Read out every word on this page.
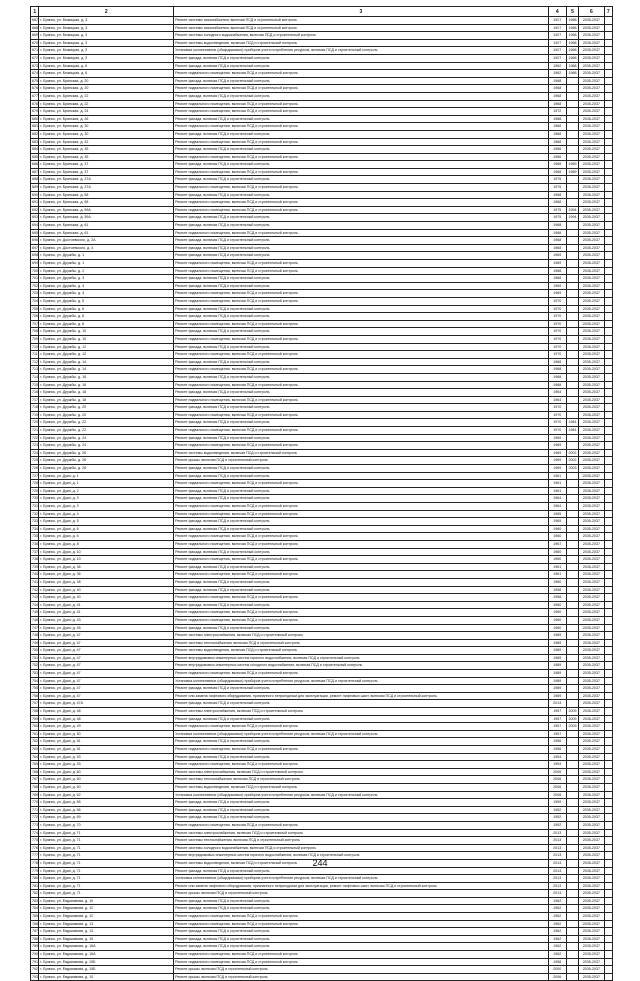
1	2	3	4	5	6	7
667	г. Брянск, ул. Бежицкая, д. 3	Ремонт системы газоснабжения, включая ПСД и строительный контроль	1927	1968	2035-2037	
668	г. Брянск, ул. Бежицкая, д. 3	Ремонт системы газоснабжения, включая ПСД и строительный контроль	1927	1968	2035-2037	
669	г. Брянск, ул. Бежицкая, д. 3	Ремонт системы холодного водоснабжения, включая ПСД и строительный контроль	1927	1968	2035-2037	
670	г. Брянск, ул. Бежицкая, д. 3	Ремонт системы водоотведения, включая ПСД и строительный контроль	1927	1968	2035-2037	
671	г. Брянск, ул. Бежицкая, д. 3	Установка коллективных (общедомовых) приборов учета потребления ресурсов, включая ПСД и строительный контроль	1927	1968	2035-2037	
672	г. Брянск, ул. Бежицкая, д. 3	Ремонт фасада, включая ПСД и строительный контроль	1927	1968	2035-2037	
673	г. Брянск, ул. Бежицкая, д. 6	Ремонт фасада, включая ПСД и строительный контроль	1962	1968	2035-2037	
674	г. Брянск, ул. Бежицкая, д. 6	Ремонт подвального помещения, включая ПСД и строительный контроль	1962	1968	2035-2037	
675	г. Брянск, ул. Брянская, д. 20	Ремонт фасада, включая ПСД и строительный контроль	1968		2035-2037	
676	г. Брянск, ул. Брянская, д. 20	Ремонт подвального помещения, включая ПСД и строительный контроль	1968		2035-2037	
677	г. Брянск, ул. Брянская, д. 22	Ремонт фасада, включая ПСД и строительный контроль	1968		2035-2037	
678	г. Брянск, ул. Брянская, д. 22	Ремонт подвального помещения, включая ПСД и строительный контроль	1968		2035-2037	
679	г. Брянск, ул. Брянская, д. 24	Ремонт подвального помещения, включая ПСД и строительный контроль	1972		2035-2037	
680	г. Брянск, ул. Брянская, д. 26	Ремонт фасада, включая ПСД и строительный контроль	1968		2035-2037	
681	г. Брянск, ул. Брянская, д. 30	Ремонт подвального помещения, включая ПСД и строительный контроль	1968		2035-2037	
682	г. Брянск, ул. Брянская, д. 30	Ремонт фасада, включая ПСД и строительный контроль	1968		2035-2037	
683	г. Брянск, ул. Брянская, д. 32	Ремонт подвального помещения, включая ПСД и строительный контроль	1968		2035-2037	
684	г. Брянск, ул. Брянская, д. 35	Ремонт фасада, включая ПСД и строительный контроль	1966		2035-2037	
685	г. Брянск, ул. Брянская, д. 35	Ремонт подвального помещения, включая ПСД и строительный контроль	1966		2035-2037	
686	г. Брянск, ул. Брянская, д. 37	Ремонт фасада, включая ПСД и строительный контроль	1968	1989	2035-2037	
687	г. Брянск, ул. Брянская, д. 37	Ремонт подвального помещения, включая ПСД и строительный контроль	1968	1989	2035-2037	
688	г. Брянск, ул. Брянская, д. 37А	Ремонт фасада, включая ПСД и строительный контроль	1975		2035-2037	
689	г. Брянск, ул. Брянская, д. 37А	Ремонт подвального помещения, включая ПСД и строительный контроль	1975		2035-2037	
690	г. Брянск, ул. Брянская, д. 58	Ремонт фасада, включая ПСД и строительный контроль	1968		2035-2037	
691	г. Брянск, ул. Брянская, д. 58	Ремонт подвального помещения, включая ПСД и строительный контроль	1968		2035-2037	
692	г. Брянск, ул. Брянская, д. 59А	Ремонт подвального помещения, включая ПСД и строительный контроль	1975	1994	2035-2037	
693	г. Брянск, ул. Брянская, д. 59А	Ремонт фасада, включая ПСД и строительный контроль	1975	1994	2035-2037	
694	г. Брянск, ул. Брянская, д. 61	Ремонт фасада, включая ПСД и строительный контроль	1968		2035-2037	
695	г. Брянск, ул. Брянская, д. 61	Ремонт подвального помещения, включая ПСД и строительный контроль	1968		2035-2037	
696	г. Брянск, ул. Достоевского, д. 2А	Ремонт фасада, включая ПСД и строительный контроль	1968		2035-2037	
697	г. Брянск, ул. Достоевского, д. 4	Ремонт фасада, включая ПСД и строительный контроль	1968		2035-2037	
698	г. Брянск, ул. Дружбы, д. 1	Ремонт фасада, включая ПСД и строительный контроль	1969		2035-2037	
699	г. Брянск, ул. Дружбы, д. 1	Ремонт подвального помещения, включая ПСД и строительный контроль	1969		2035-2037	
700	г. Брянск, ул. Дружбы, д. 2	Ремонт подвального помещения, включая ПСД и строительный контроль	1968		2035-2037	
701	г. Брянск, ул. Дружбы, д. 3	Ремонт фасада, включая ПСД и строительный контроль	1968		2035-2037	
702	г. Брянск, ул. Дружбы, д. 4	Ремонт фасада, включая ПСД и строительный контроль	1969		2035-2037	
703	г. Брянск, ул. Дружбы, д. 4	Ремонт подвального помещения, включая ПСД и строительный контроль	1969		2035-2037	
704	г. Брянск, ул. Дружбы, д. 5	Ремонт подвального помещения, включая ПСД и строительный контроль	1970		2035-2037	
705	г. Брянск, ул. Дружбы, д. 6	Ремонт фасада, включая ПСД и строительный контроль	1970		2035-2037	
706	г. Брянск, ул. Дружбы, д. 8	Ремонт фасада, включая ПСД и строительный контроль	1970		2035-2037	
707	г. Брянск, ул. Дружбы, д. 8	Ремонт подвального помещения, включая ПСД и строительный контроль	1970		2035-2037	
708	г. Брянск, ул. Дружбы, д. 10	Ремонт фасада, включая ПСД и строительный контроль	1970		2035-2037	
709	г. Брянск, ул. Дружбы, д. 10	Ремонт подвального помещения, включая ПСД и строительный контроль	1970		2035-2037	
710	г. Брянск, ул. Дружбы, д. 12	Ремонт фасада, включая ПСД и строительный контроль	1970		2035-2037	
711	г. Брянск, ул. Дружбы, д. 12	Ремонт подвального помещения, включая ПСД и строительный контроль	1970		2035-2037	
712	г. Брянск, ул. Дружбы, д. 14	Ремонт фасада, включая ПСД и строительный контроль	1968		2035-2037	
713	г. Брянск, ул. Дружбы, д. 14	Ремонт подвального помещения, включая ПСД и строительный контроль	1968		2035-2037	
714	г. Брянск, ул. Дружбы, д. 16	Ремонт фасада, включая ПСД и строительный контроль	1968		2035-2037	
715	г. Брянск, ул. Дружбы, д. 16	Ремонт подвального помещения, включая ПСД и строительный контроль	1968		2035-2037	
716	г. Брянск, ул. Дружбы, д. 18	Ремонт фасада, включая ПСД и строительный контроль	1964		2035-2037	
717	г. Брянск, ул. Дружбы, д. 18	Ремонт подвального помещения, включая ПСД и строительный контроль	1964		2035-2037	
718	г. Брянск, ул. Дружбы, д. 20	Ремонт фасада, включая ПСД и строительный контроль	1970		2035-2037	
719	г. Брянск, ул. Дружбы, д. 20	Ремонт подвального помещения, включая ПСД и строительный контроль	1970		2035-2037	
720	г. Брянск, ул. Дружбы, д. 22	Ремонт фасада, включая ПСД и строительный контроль	1970	1981	2035-2037	
721	г. Брянск, ул. Дружбы, д. 22	Ремонт подвального помещения, включая ПСД и строительный контроль	1970	1981	2035-2037	
722	г. Брянск, ул. Дружбы, д. 24	Ремонт фасада, включая ПСД и строительный контроль	1969		2035-2037	
723	г. Брянск, ул. Дружбы, д. 24	Ремонт подвального помещения, включая ПСД и строительный контроль	1969		2035-2037	
724	г. Брянск, ул. Дружбы, д. 26	Ремонт системы водоотведения, включая ПСД и строительный контроль	1969	2002	2035-2037	
725	г. Брянск, ул. Дружбы, д. 26	Ремонт крыши, включая ПСД и строительный контроль	1969	2002	2035-2037	
726	г. Брянск, ул. Дружбы, д. 28	Ремонт фасада, включая ПСД и строительный контроль	1969	2003	2035-2037	
727	г. Брянск, ул. Дуки, д. 1	Ремонт фасада, включая ПСД и строительный контроль	1961		2035-2037	
728	г. Брянск, ул. Дуки, д. 1	Ремонт подвального помещения, включая ПСД и строительный контроль	1961		2035-2037	
729	г. Брянск, ул. Дуки, д. 2	Ремонт фасада, включая ПСД и строительный контроль	1961		2035-2037	
730	г. Брянск, ул. Дуки, д. 3	Ремонт фасада, включая ПСД и строительный контроль	1964		2035-2037	
731	г. Брянск, ул. Дуки, д. 3	Ремонт подвального помещения, включая ПСД и строительный контроль	1964		2035-2037	
732	г. Брянск, ул. Дуки, д. 4	Ремонт подвального помещения, включая ПСД и строительный контроль	1965		2035-2037	
733	г. Брянск, ул. Дуки, д. 5	Ремонт фасада, включая ПСД и строительный контроль	1965		2035-2037	
734	г. Брянск, ул. Дуки, д. 6	Ремонт фасада, включая ПСД и строительный контроль	1960		2035-2037	
735	г. Брянск, ул. Дуки, д. 6	Ремонт подвального помещения, включая ПСД и строительный контроль	1960		2035-2037	
736	г. Брянск, ул. Дуки, д. 8	Ремонт подвального помещения, включая ПСД и строительный контроль	1967		2035-2037	
737	г. Брянск, ул. Дуки, д. 10	Ремонт фасада, включая ПСД и строительный контроль	1960		2035-2037	
738	г. Брянск, ул. Дуки, д. 10	Ремонт подвального помещения, включая ПСД и строительный контроль	1960		2035-2037	
739	г. Брянск, ул. Дуки, д. 36	Ремонт фасада, включая ПСД и строительный контроль	1961		2035-2037	
740	г. Брянск, ул. Дуки, д. 36	Ремонт подвального помещения, включая ПСД и строительный контроль	1961		2035-2037	
741	г. Брянск, ул. Дуки, д. 38	Ремонт фасада, включая ПСД и строительный контроль	1960		2035-2037	
742	г. Брянск, ул. Дуки, д. 40	Ремонт фасада, включая ПСД и строительный контроль	1958		2035-2037	
743	г. Брянск, ул. Дуки, д. 40	Ремонт подвального помещения, включая ПСД и строительный контроль	1958		2035-2037	
744	г. Брянск, ул. Дуки, д. 41	Ремонт фасада, включая ПСД и строительный контроль	1960		2035-2037	
745	г. Брянск, ул. Дуки, д. 41	Ремонт подвального помещения, включая ПСД и строительный контроль	1960		2035-2037	
746	г. Брянск, ул. Дуки, д. 43	Ремонт подвального помещения, включая ПСД и строительный контроль	1960		2035-2037	
747	г. Брянск, ул. Дуки, д. 45	Ремонт фасада, включая ПСД и строительный контроль	1960		2035-2037	
748	г. Брянск, ул. Дуки, д. 47	Ремонт системы электроснабжения, включая ПСД и строительный контроль	1989		2035-2037	
749	г. Брянск, ул. Дуки, д. 47	Ремонт системы теплоснабжения, включая ПСД и строительный контроль	1989		2035-2037	
750	г. Брянск, ул. Дуки, д. 47	Ремонт системы водоотведения, включая ПСД и строительный контроль	1989		2035-2037	
751	г. Брянск, ул. Дуки, д. 47	Ремонт внутридомовых инженерных систем горячего водоснабжения, включая ПСД и строительный контроль	1989		2035-2037	
752	г. Брянск, ул. Дуки, д. 47	Ремонт внутридомовых инженерных систем холодного водоснабжения, включая ПСД и строительный контроль	1989		2035-2037	
753	г. Брянск, ул. Дуки, д. 47	Ремонт подвального помещения, включая ПСД и строительный контроль	1989		2035-2037	
754	г. Брянск, ул. Дуки, д. 47	Установка коллективных (общедомовых) приборов учета потребления ресурсов, включая ПСД и строительный контроль	1989		2035-2037	
755	г. Брянск, ул. Дуки, д. 47	Ремонт фасада, включая ПСД и строительный контроль	1989		2035-2037	
756	г. Брянск, ул. Дуки, д. 47	Ремонт или замена лифтового оборудования, признанного непригодным для эксплуатации, ремонт лифтовых шахт, включая ПСД и строительный контроль	1989		2035-2037	
757	г. Брянск, ул. Дуки, д. 47А	Ремонт фасада, включая ПСД и строительный контроль	2013		2035-2037	
758	г. Брянск, ул. Дуки, д. 48	Ремонт системы электроснабжения, включая ПСД и строительный контроль	1957	2009	2035-2037	
759	г. Брянск, ул. Дуки, д. 48	Ремонт фасада, включая ПСД и строительный контроль	1957	2009	2035-2037	
760	г. Брянск, ул. Дуки, д. 49	Ремонт подвального помещения, включая ПСД и строительный контроль	1957	2009	2035-2037	
761	г. Брянск, ул. Дуки, д. 50	Установка коллективных (общедомовых) приборов учета потребления ресурсов, включая ПСД и строительный контроль	1957		2035-2037	
762	г. Брянск, ул. Дуки, д. 51	Ремонт фасада, включая ПСД и строительный контроль	1956		2035-2037	
763	г. Брянск, ул. Дуки, д. 51	Ремонт подвального помещения, включая ПСД и строительный контроль	1956		2035-2037	
764	г. Брянск, ул. Дуки, д. 53	Ремонт фасада, включая ПСД и строительный контроль	1954		2035-2037	
765	г. Брянск, ул. Дуки, д. 53	Ремонт подвального помещения, включая ПСД и строительный контроль	1954		2035-2037	
766	г. Брянск, ул. Дуки, д. 60	Ремонт системы электроснабжения, включая ПСД и строительный контроль	2006		2035-2037	
767	г. Брянск, ул. Дуки, д. 60	Ремонт системы теплоснабжения, включая ПСД и строительный контроль	2006		2035-2037	
768	г. Брянск, ул. Дуки, д. 60	Ремонт системы водоотведения, включая ПСД и строительный контроль	2006		2035-2037	
769	г. Брянск, ул. Дуки, д. 62	Установка коллективных (общедомовых) приборов учета потребления ресурсов, включая ПСД и строительный контроль	2006		2035-2037	
770	г. Брянск, ул. Дуки, д. 65	Ремонт фасада, включая ПСД и строительный контроль	1959		2035-2037	
771	г. Брянск, ул. Дуки, д. 66	Ремонт фасада, включая ПСД и строительный контроль	1952		2035-2037	
772	г. Брянск, ул. Дуки, д. 69	Ремонт фасада, включая ПСД и строительный контроль	1952		2035-2037	
773	г. Брянск, ул. Дуки, д. 70	Ремонт подвального помещения, включая ПСД и строительный контроль	1952		2035-2037	
774	г. Брянск, ул. Дуки, д. 71	Ремонт системы электроснабжения, включая ПСД и строительный контроль	2013		2035-2037	
775	г. Брянск, ул. Дуки, д. 71	Ремонт системы теплоснабжения, включая ПСД и строительный контроль	2013		2035-2037	
776	г. Брянск, ул. Дуки, д. 71	Ремонт системы холодного водоснабжения, включая ПСД и строительный контроль	2013		2035-2037	
777	г. Брянск, ул. Дуки, д. 71	Ремонт внутридомовых инженерных систем горячего водоснабжения, включая ПСД и строительный контроль	2013		2035-2037	
778	г. Брянск, ул. Дуки, д. 71	Ремонт системы водоотведения, включая ПСД и строительный контроль	2013		2035-2037	
779	г. Брянск, ул. Дуки, д. 71	Ремонт фасада, включая ПСД и строительный контроль	2013		2035-2037	
780	г. Брянск, ул. Дуки, д. 71	Установка коллективных (общедомовых) приборов учета потребления ресурсов, включая ПСД и строительный контроль	2013		2035-2037	
781	г. Брянск, ул. Дуки, д. 71	Ремонт или замена лифтового оборудования, признанного непригодным для эксплуатации, ремонт лифтовых шахт, включая ПСД и строительный контроль	2013		2035-2037	
782	г. Брянск, ул. Дуки, д. 71	Ремонт крыши, включая ПСД и строительный контроль	2013		2035-2037	
783	г. Брянск, ул. Евдокимова, д. 10	Ремонт фасада, включая ПСД и строительный контроль	1962		2035-2037	
784	г. Брянск, ул. Евдокимова, д. 12	Ремонт фасада, включая ПСД и строительный контроль	1962		2035-2037	
785	г. Брянск, ул. Евдокимова, д. 12	Ремонт подвального помещения, включая ПСД и строительный контроль	1962		2035-2037	
786	г. Брянск, ул. Евдокимова, д. 13	Ремонт подвального помещения, включая ПСД и строительный контроль	1962		2035-2037	
787	г. Брянск, ул. Евдокимова, д. 13	Ремонт фасада, включая ПСД и строительный контроль	1962		2035-2037	
788	г. Брянск, ул. Евдокимова, д. 15	Ремонт фасада, включая ПСД и строительный контроль	1962		2035-2037	
789	г. Брянск, ул. Евдокимова, д. 15А	Ремонт фасада, включая ПСД и строительный контроль	1962		2035-2037	
790	г. Брянск, ул. Евдокимова, д. 15А	Ремонт подвального помещения, включая ПСД и строительный контроль	1962		2035-2037	
791	г. Брянск, ул. Евдокимова, д. 15Б	Ремонт подвального помещения, включая ПСД и строительный контроль	1958		2035-2037	
792	г. Брянск, ул. Евдокимова, д. 15Б	Ремонт крыши, включая ПСД и строительный контроль	2000		2035-2037	
793	г. Брянск, ул. Евдокимова, д. 10	Ремонт крыши, включая ПСД и строительный контроль	2006		2035-2037	
244
